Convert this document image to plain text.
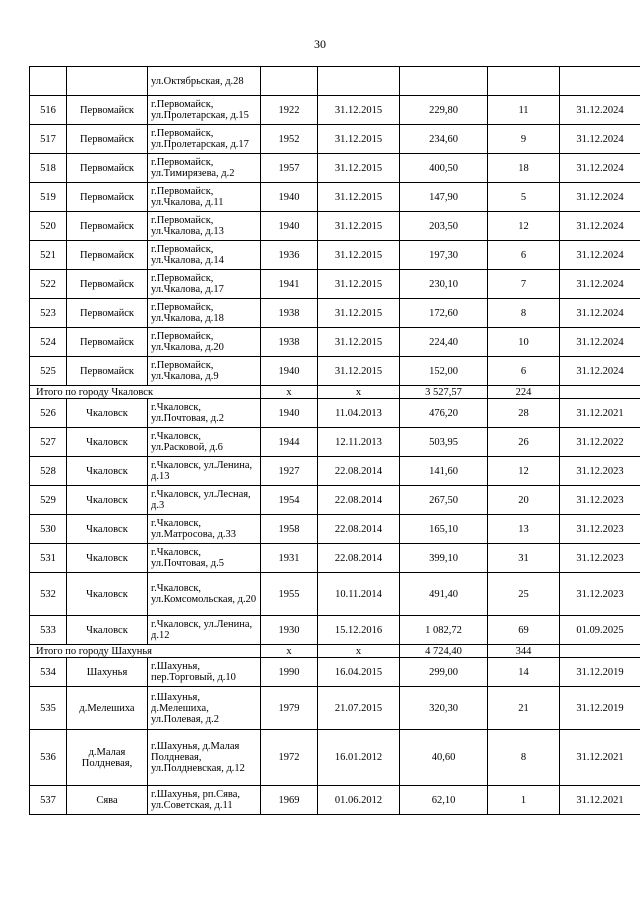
30
		ул.Октябрьская, д.28					
516	Первомайск	г.Первомайск, ул.Пролетарская, д.15	1922	31.12.2015	229,80	11	31.12.2024
517	Первомайск	г.Первомайск, ул.Пролетарская, д.17	1952	31.12.2015	234,60	9	31.12.2024
518	Первомайск	г.Первомайск, ул.Тимирязева, д.2	1957	31.12.2015	400,50	18	31.12.2024
519	Первомайск	г.Первомайск, ул.Чкалова, д.11	1940	31.12.2015	147,90	5	31.12.2024
520	Первомайск	г.Первомайск, ул.Чкалова, д.13	1940	31.12.2015	203,50	12	31.12.2024
521	Первомайск	г.Первомайск, ул.Чкалова, д.14	1936	31.12.2015	197,30	6	31.12.2024
522	Первомайск	г.Первомайск, ул.Чкалова, д.17	1941	31.12.2015	230,10	7	31.12.2024
523	Первомайск	г.Первомайск, ул.Чкалова, д.18	1938	31.12.2015	172,60	8	31.12.2024
524	Первомайск	г.Первомайск, ул.Чкалова, д.20	1938	31.12.2015	224,40	10	31.12.2024
525	Первомайск	г.Первомайск, ул.Чкалова, д.9	1940	31.12.2015	152,00	6	31.12.2024
Итого по городу Чкаловск			х	х	3 527,57	224	
526	Чкаловск	г.Чкаловск, ул.Почтовая, д.2	1940	11.04.2013	476,20	28	31.12.2021
527	Чкаловск	г.Чкаловск, ул.Расковой, д.6	1944	12.11.2013	503,95	26	31.12.2022
528	Чкаловск	г.Чкаловск, ул.Ленина, д.13	1927	22.08.2014	141,60	12	31.12.2023
529	Чкаловск	г.Чкаловск, ул.Лесная, д.3	1954	22.08.2014	267,50	20	31.12.2023
530	Чкаловск	г.Чкаловск, ул.Матросова, д.33	1958	22.08.2014	165,10	13	31.12.2023
531	Чкаловск	г.Чкаловск, ул.Почтовая, д.5	1931	22.08.2014	399,10	31	31.12.2023
532	Чкаловск	г.Чкаловск, ул.Комсомольская, д.20	1955	10.11.2014	491,40	25	31.12.2023
533	Чкаловск	г.Чкаловск, ул.Ленина, д.12	1930	15.12.2016	1 082,72	69	01.09.2025
Итого по городу Шахунья			х	х	4 724,40	344	
534	Шахунья	г.Шахунья, пер.Торговый, д.10	1990	16.04.2015	299,00	14	31.12.2019
535	д.Мелешиха	г.Шахунья, д.Мелешиха, ул.Полевая, д.2	1979	21.07.2015	320,30	21	31.12.2019
536	д.Малая Полдневая,	г.Шахунья, д.Малая Полдневая, ул.Полдневская, д.12	1972	16.01.2012	40,60	8	31.12.2021
537	Сява	г.Шахунья, рп.Сява, ул.Советская, д.11	1969	01.06.2012	62,10	1	31.12.2021
